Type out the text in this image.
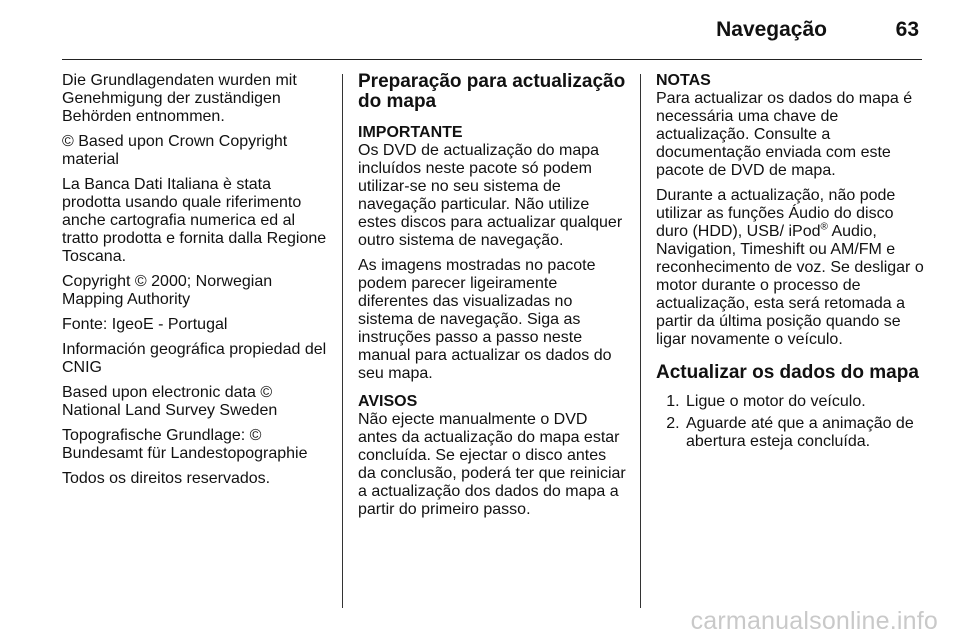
Navegação	63

Die Grundlagendaten wurden mit Genehmigung der zuständigen Behörden entnommen.

© Based upon Crown Copyright material

La Banca Dati Italiana è stata prodotta usando quale riferimento anche cartografia numerica ed al tratto prodotta e fornita dalla Regione Toscana.

Copyright © 2000; Norwegian Mapping Authority

Fonte: IgeoE - Portugal

Información geográfica propiedad del CNIG

Based upon electronic data © National Land Survey Sweden

Topografische Grundlage: © Bundesamt für Landestopographie

Todos os direitos reservados.

Preparação para actualização do mapa
IMPORTANTE

Os DVD de actualização do mapa incluídos neste pacote só podem utilizar-se no seu sistema de navegação particular. Não utilize estes discos para actualizar qualquer outro sistema de navegação.

As imagens mostradas no pacote podem parecer ligeiramente diferentes das visualizadas no sistema de navegação. Siga as instruções passo a passo neste manual para actualizar os dados do seu mapa.

AVISOS

Não ejecte manualmente o DVD antes da actualização do mapa estar concluída. Se ejectar o disco antes da conclusão, poderá ter que reiniciar a actualização dos dados do mapa a partir do primeiro passo.

NOTAS

Para actualizar os dados do mapa é necessária uma chave de actualização. Consulte a documentação enviada com este pacote de DVD de mapa.

Durante a actualização, não pode utilizar as funções Áudio do disco duro (HDD), USB/ iPod® Audio, Navigation, Timeshift ou AM/FM e reconhecimento de voz. Se desligar o motor durante o processo de actualização, esta será retomada a partir da última posição quando se ligar novamente o veículo.

Actualizar os dados do mapa
1. Ligue o motor do veículo.
2. Aguarde até que a animação de abertura esteja concluída.
carmanualsonline.info
